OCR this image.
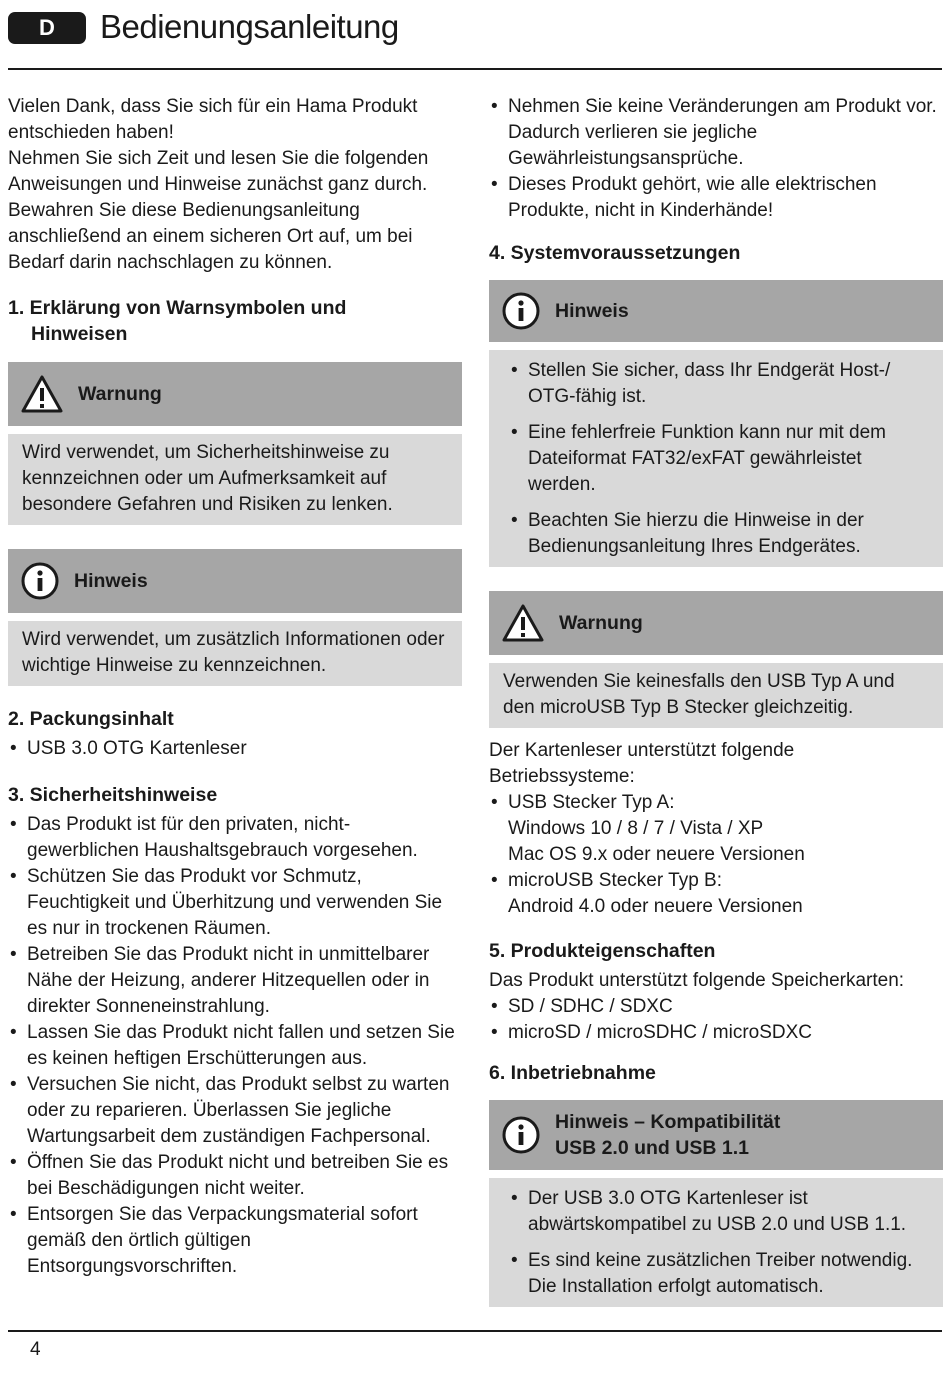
D	Bedienungsanleitung

Vielen Dank, dass Sie sich für ein Hama Produkt entschieden haben!

Nehmen Sie sich Zeit und lesen Sie die folgenden Anweisungen und Hinweise zunächst ganz durch. Bewahren Sie diese Bedienungsanleitung anschließend an einem sicheren Ort auf, um bei Bedarf darin nachschlagen zu können.

1. Erklärung von Warnsymbolen und
Hinweisen
Warnung

Wird verwendet, um Sicherheitshinweise zu kennzeichnen oder um Aufmerksamkeit auf besondere Gefahren und Risiken zu lenken.

Hinweis

Wird verwendet, um zusätzlich Informationen oder wichtige Hinweise zu kennzeichnen.

2. Packungsinhalt
• USB 3.0 OTG Kartenleser
3. Sicherheitshinweise
• Das Produkt ist für den privaten, nicht-gewerblichen Haushaltsgebrauch vorgesehen.
• Schützen Sie das Produkt vor Schmutz, Feuchtigkeit und Überhitzung und verwenden Sie es nur in trockenen Räumen.
• Betreiben Sie das Produkt nicht in unmittelbarer Nähe der Heizung, anderer Hitzequellen oder in direkter Sonneneinstrahlung.
• Lassen Sie das Produkt nicht fallen und setzen Sie es keinen heftigen Erschütterungen aus.
• Versuchen Sie nicht, das Produkt selbst zu warten oder zu reparieren. Überlassen Sie jegliche Wartungsarbeit dem zuständigen Fachpersonal.
• Öffnen Sie das Produkt nicht und betreiben Sie es bei Beschädigungen nicht weiter.
• Entsorgen Sie das Verpackungsmaterial sofort gemäß den örtlich gültigen Entsorgungsvorschriften.
• Nehmen Sie keine Veränderungen am Produkt vor. Dadurch verlieren sie jegliche Gewährleistungsansprüche.
• Dieses Produkt gehört, wie alle elektrischen Produkte, nicht in Kinderhände!
4. Systemvoraussetzungen
Hinweis
• Stellen Sie sicher, dass Ihr Endgerät Host-/ OTG-fähig ist.
• Eine fehlerfreie Funktion kann nur mit dem Dateiformat FAT32/exFAT gewährleistet werden.
• Beachten Sie hierzu die Hinweise in der Bedienungsanleitung Ihres Endgerätes.
Warnung

Verwenden Sie keinesfalls den USB Typ A und den microUSB Typ B Stecker gleichzeitig.

Der Kartenleser unterstützt folgende Betriebssysteme:

• USB Stecker Typ A:
Windows 10 / 8 / 7 / Vista / XP
Mac OS 9.x oder neuere Versionen
• microUSB Stecker Typ B:
Android 4.0 oder neuere Versionen
5. Produkteigenschaften

Das Produkt unterstützt folgende Speicherkarten:

• SD / SDHC / SDXC
• microSD / microSDHC / microSDXC
6. Inbetriebnahme
Hinweis – Kompatibilität
USB 2.0 und USB 1.1
• Der USB 3.0 OTG Kartenleser ist abwärtskompatibel zu USB 2.0 und USB 1.1.
• Es sind keine zusätzlichen Treiber notwendig. Die Installation erfolgt automatisch.
4
